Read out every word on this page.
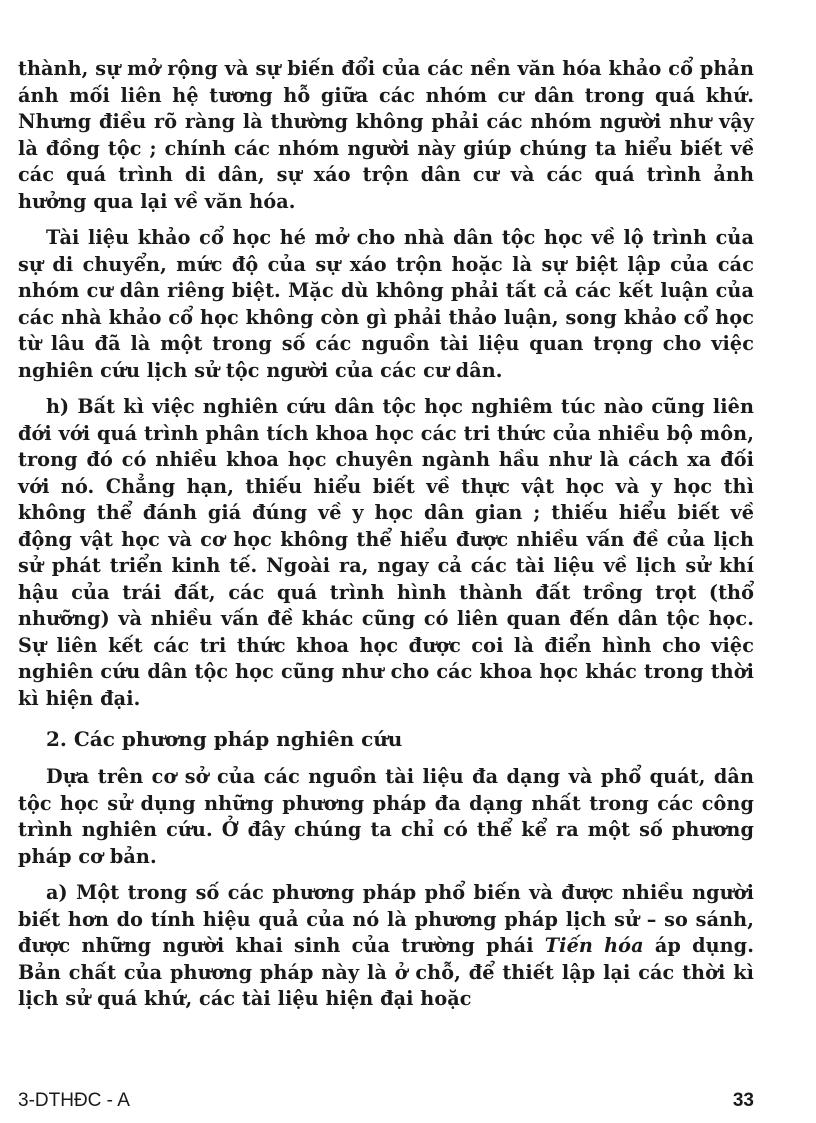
thành, sự mở rộng và sự biến đổi của các nền văn hóa khảo cổ phản ánh mối liên hệ tương hỗ giữa các nhóm cư dân trong quá khứ. Nhưng điều rõ ràng là thường không phải các nhóm người như vậy là đồng tộc ; chính các nhóm người này giúp chúng ta hiểu biết về các quá trình di dân, sự xáo trộn dân cư và các quá trình ảnh hưởng qua lại về văn hóa.

Tài liệu khảo cổ học hé mở cho nhà dân tộc học về lộ trình của sự di chuyển, mức độ của sự xáo trộn hoặc là sự biệt lập của các nhóm cư dân riêng biệt. Mặc dù không phải tất cả các kết luận của các nhà khảo cổ học không còn gì phải thảo luận, song khảo cổ học từ lâu đã là một trong số các nguồn tài liệu quan trọng cho việc nghiên cứu lịch sử tộc người của các cư dân.

h) Bất kì việc nghiên cứu dân tộc học nghiêm túc nào cũng liên đới với quá trình phân tích khoa học các tri thức của nhiều bộ môn, trong đó có nhiều khoa học chuyên ngành hầu như là cách xa đối với nó. Chẳng hạn, thiếu hiểu biết về thực vật học và y học thì không thể đánh giá đúng về y học dân gian ; thiếu hiểu biết về động vật học và cơ học không thể hiểu được nhiều vấn đề của lịch sử phát triển kinh tế. Ngoài ra, ngay cả các tài liệu về lịch sử khí hậu của trái đất, các quá trình hình thành đất trồng trọt (thổ nhưỡng) và nhiều vấn đề khác cũng có liên quan đến dân tộc học. Sự liên kết các tri thức khoa học được coi là điển hình cho việc nghiên cứu dân tộc học cũng như cho các khoa học khác trong thời kì hiện đại.

2. Các phương pháp nghiên cứu

Dựa trên cơ sở của các nguồn tài liệu đa dạng và phổ quát, dân tộc học sử dụng những phương pháp đa dạng nhất trong các công trình nghiên cứu. Ở đây chúng ta chỉ có thể kể ra một số phương pháp cơ bản.

a) Một trong số các phương pháp phổ biến và được nhiều người biết hơn do tính hiệu quả của nó là phương pháp lịch sử – so sánh, được những người khai sinh của trường phái Tiến hóa áp dụng. Bản chất của phương pháp này là ở chỗ, để thiết lập lại các thời kì lịch sử quá khứ, các tài liệu hiện đại hoặc

3-DTHĐC - A	33
